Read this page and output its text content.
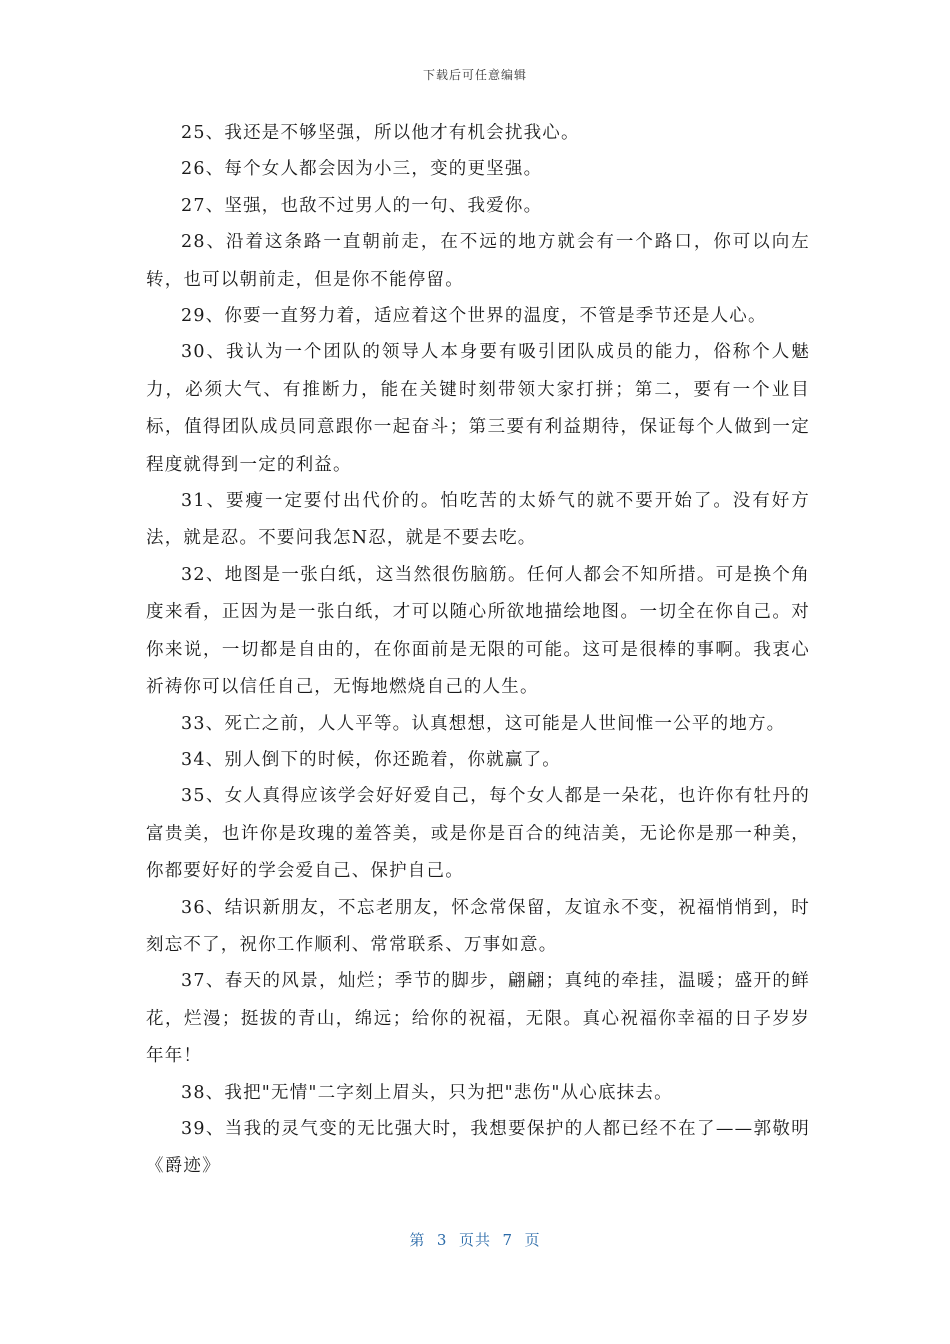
下载后可任意编辑

25、我还是不够坚强，所以他才有机会扰我心。

26、每个女人都会因为小三，变的更坚强。

27、坚强，也敌不过男人的一句、我爱你。

28、沿着这条路一直朝前走，在不远的地方就会有一个路口，你可以向左转，也可以朝前走，但是你不能停留。

29、你要一直努力着，适应着这个世界的温度，不管是季节还是人心。

30、我认为一个团队的领导人本身要有吸引团队成员的能力，俗称个人魅力，必须大气、有推断力，能在关键时刻带领大家打拼；第二，要有一个业目标，值得团队成员同意跟你一起奋斗；第三要有利益期待，保证每个人做到一定程度就得到一定的利益。

31、要瘦一定要付出代价的。怕吃苦的太娇气的就不要开始了。没有好方法，就是忍。不要问我怎N忍，就是不要去吃。

32、地图是一张白纸，这当然很伤脑筋。任何人都会不知所措。可是换个角度来看，正因为是一张白纸，才可以随心所欲地描绘地图。一切全在你自己。对你来说，一切都是自由的，在你面前是无限的可能。这可是很棒的事啊。我衷心祈祷你可以信任自己，无悔地燃烧自己的人生。

33、死亡之前，人人平等。认真想想，这可能是人世间惟一公平的地方。

34、别人倒下的时候，你还跪着，你就赢了。

35、女人真得应该学会好好爱自己，每个女人都是一朵花，也许你有牡丹的富贵美，也许你是玫瑰的羞答美，或是你是百合的纯洁美，无论你是那一种美，你都要好好的学会爱自己、保护自己。

36、结识新朋友，不忘老朋友，怀念常保留，友谊永不变，祝福悄悄到，时刻忘不了，祝你工作顺利、常常联系、万事如意。

37、春天的风景，灿烂；季节的脚步，翩翩；真纯的牵挂，温暖；盛开的鲜花，烂漫；挺拔的青山，绵远；给你的祝福，无限。真心祝福你幸福的日子岁岁年年！

38、我把"无情"二字刻上眉头，只为把"悲伤"从心底抹去。

39、当我的灵气变的无比强大时，我想要保护的人都已经不在了——郭敬明《爵迹》

第  3  页共  7  页
